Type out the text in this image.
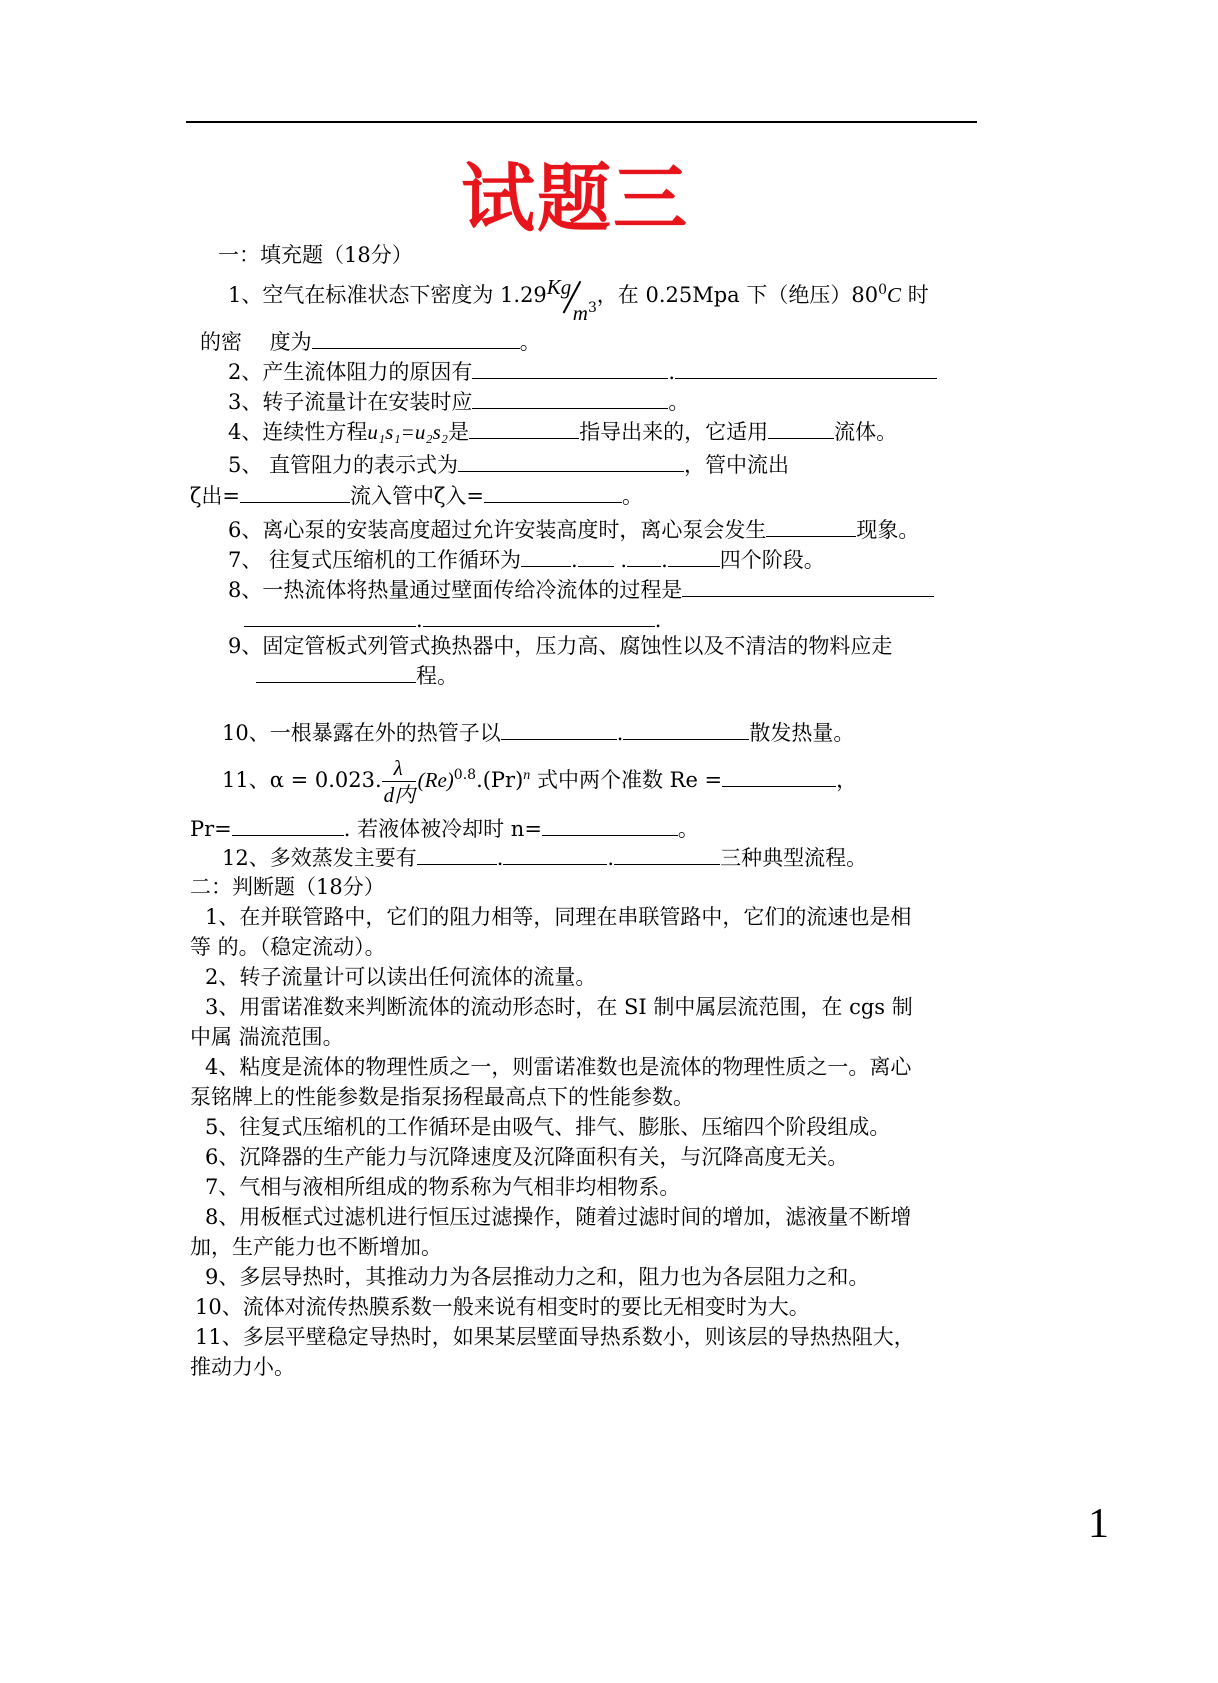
试题三
一：填充题（18分）
1、空气在标准状态下密度为 1.29 Kg
$m^3$
，在 0.25Mpa 下（绝压）$80^0C$ 时
的密　 度为	。
2、产生流体阻力的原因有	.
3、转子流量计在安装时应	。
4、连续性方程u₁s₁=u₂s₂是	指导出来的，它适用	流体。
5、 直管阻力的表示式为	，管中流出
ζ出=	流入管中ζ入=	。
6、离心泵的安装高度超过允许安装高度时，离心泵会发生	现象。
7、 往复式压缩机的工作循环为 . . . 四个阶段。
8、一热流体将热量通过壁面传给冷流体的过程是
.	.
9、固定管板式列管式换热器中，压力高、腐蚀性以及不清洁的物料应走
程。
10、一根暴露在外的热管子以	.	散发热量。
11、α = 0.023.
λ
d内
$(Re)^{0.8}.(Pr)^n$ 式中两个准数 Re =	，
Pr=	. 若液体被冷却时 n=	。
12、多效蒸发主要有	.	.	三种典型流程。
二：判断题（18分）
1、在并联管路中，它们的阻力相等，同理在串联管路中，它们的流速也是相
等 的。（稳定流动）。
2、转子流量计可以读出任何流体的流量。
3、用雷诺准数来判断流体的流动形态时，在 SI 制中属层流范围，在 cgs 制
中属 湍流范围。
4、粘度是流体的物理性质之一，则雷诺准数也是流体的物理性质之一。离心
泵铭牌上的性能参数是指泵扬程最高点下的性能参数。
5、往复式压缩机的工作循环是由吸气、排气、膨胀、压缩四个阶段组成。
6、沉降器的生产能力与沉降速度及沉降面积有关，与沉降高度无关。
7、气相与液相所组成的物系称为气相非均相物系。
8、用板框式过滤机进行恒压过滤操作，随着过滤时间的增加，滤液量不断增
加，生产能力也不断增加。
9、多层导热时，其推动力为各层推动力之和，阻力也为各层阻力之和。
10、流体对流传热膜系数一般来说有相变时的要比无相变时为大。
11、多层平壁稳定导热时，如果某层壁面导热系数小，则该层的导热热阻大，
推动力小。
1
